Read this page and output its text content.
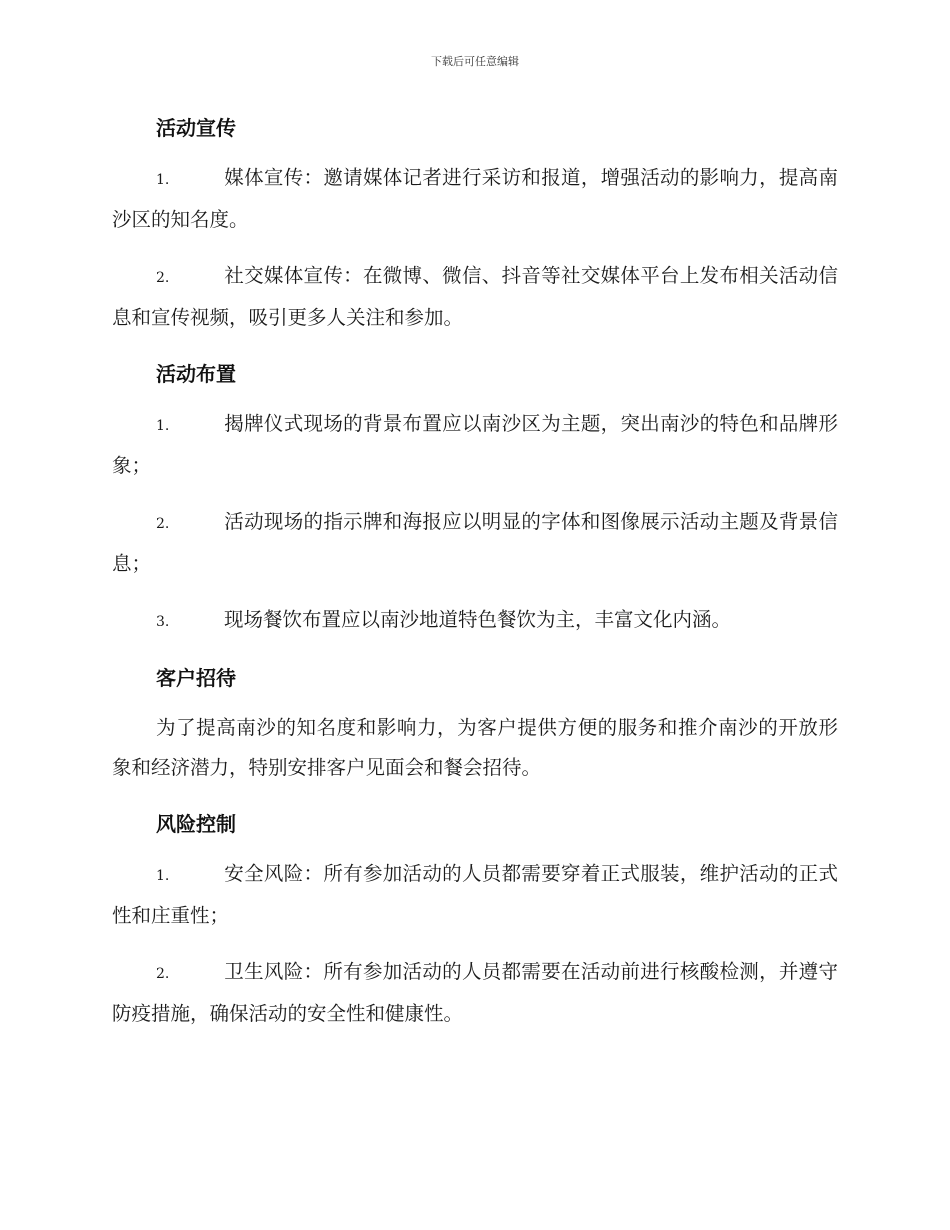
下载后可任意编辑
活动宣传
1.	媒体宣传：邀请媒体记者进行采访和报道，增强活动的影响力，提高南沙区的知名度。
2.	社交媒体宣传：在微博、微信、抖音等社交媒体平台上发布相关活动信息和宣传视频，吸引更多人关注和参加。
活动布置
1.	揭牌仪式现场的背景布置应以南沙区为主题，突出南沙的特色和品牌形象；
2.	活动现场的指示牌和海报应以明显的字体和图像展示活动主题及背景信息；
3.	现场餐饮布置应以南沙地道特色餐饮为主，丰富文化内涵。
客户招待
为了提高南沙的知名度和影响力，为客户提供方便的服务和推介南沙的开放形象和经济潜力，特别安排客户见面会和餐会招待。
风险控制
1.	安全风险：所有参加活动的人员都需要穿着正式服装，维护活动的正式性和庄重性；
2.	卫生风险：所有参加活动的人员都需要在活动前进行核酸检测，并遵守防疫措施，确保活动的安全性和健康性。
